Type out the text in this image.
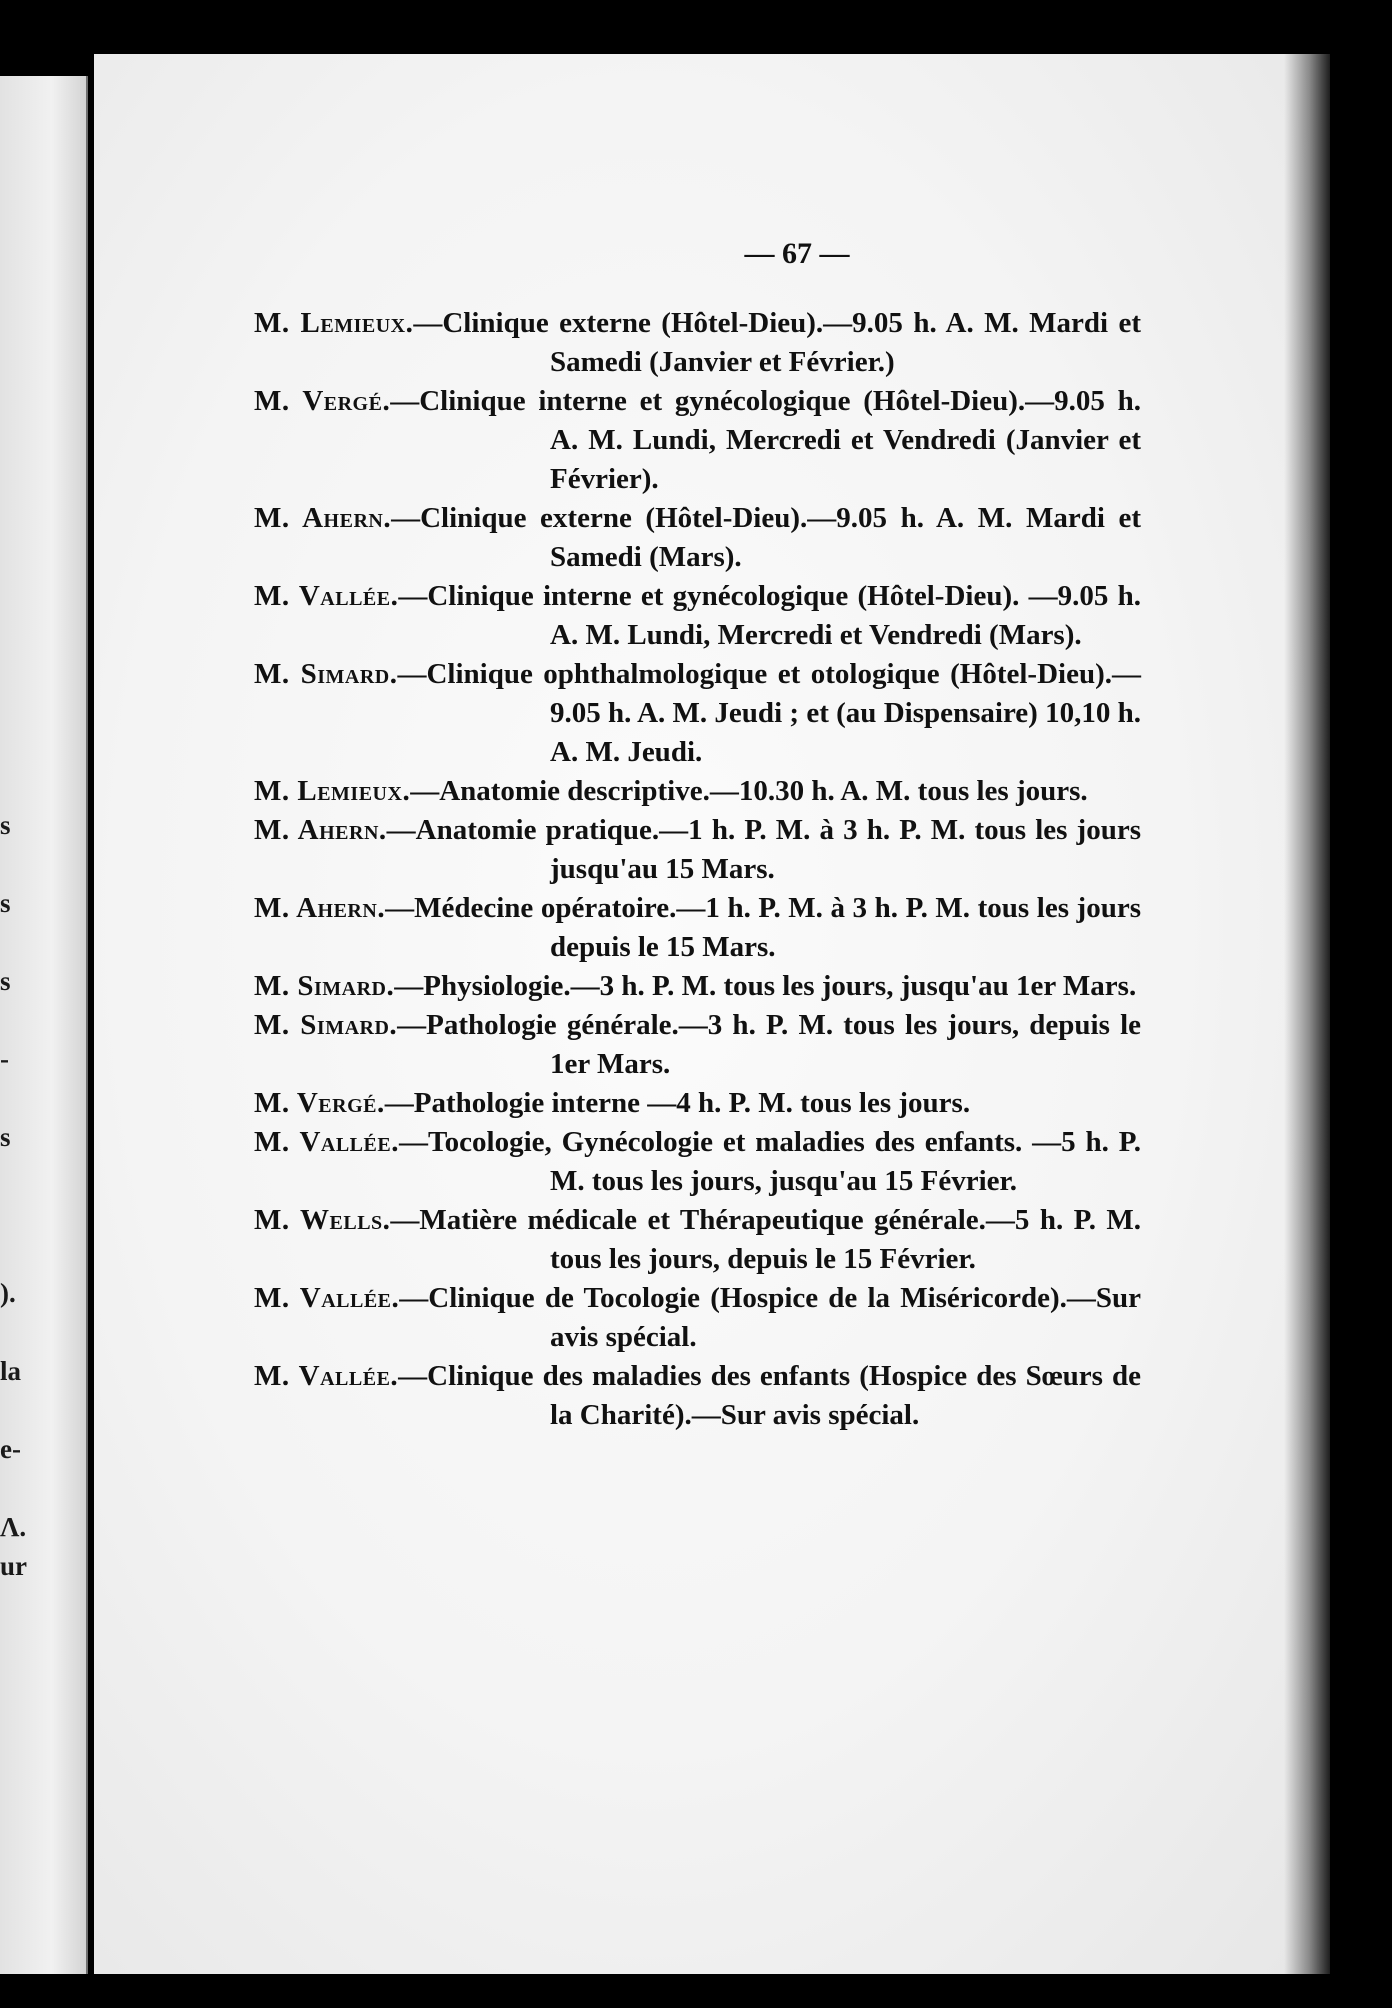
s
s
s
-
s
).
la
e-
Λ.
ur
— 67 —

M. Lemieux.—Clinique externe (Hôtel-Dieu).—9.05 h. A. M. Mardi et Samedi (Janvier et Février.)

M. Vergé.—Clinique interne et gynécologique (Hôtel-Dieu).—9.05 h. A. M. Lundi, Mercredi et Vendredi (Janvier et Février).

M. Ahern.—Clinique externe (Hôtel-Dieu).—9.05 h. A. M. Mardi et Samedi (Mars).

M. Vallée.—Clinique interne et gynécologique (Hôtel-Dieu). —9.05 h. A. M. Lundi, Mercredi et Vendredi (Mars).

M. Simard.—Clinique ophthalmologique et otologique (Hôtel-Dieu).—9.05 h. A. M. Jeudi ; et (au Dispensaire) 10,10 h. A. M. Jeudi.

M. Lemieux.—Anatomie descriptive.—10.30 h. A. M. tous les jours.

M. Ahern.—Anatomie pratique.—1 h. P. M. à 3 h. P. M. tous les jours jusqu'au 15 Mars.

M. Ahern.—Médecine opératoire.—1 h. P. M. à 3 h. P. M. tous les jours depuis le 15 Mars.

M. Simard.—Physiologie.—3 h. P. M. tous les jours, jusqu'au 1er Mars.

M. Simard.—Pathologie générale.—3 h. P. M. tous les jours, depuis le 1er Mars.

M. Vergé.—Pathologie interne —4 h. P. M. tous les jours.

M. Vallée.—Tocologie, Gynécologie et maladies des enfants. —5 h. P. M. tous les jours, jusqu'au 15 Février.

M. Wells.—Matière médicale et Thérapeutique générale.—5 h. P. M. tous les jours, depuis le 15 Février.

M. Vallée.—Clinique de Tocologie (Hospice de la Miséricorde).—Sur avis spécial.

M. Vallée.—Clinique des maladies des enfants (Hospice des Sœurs de la Charité).—Sur avis spécial.
